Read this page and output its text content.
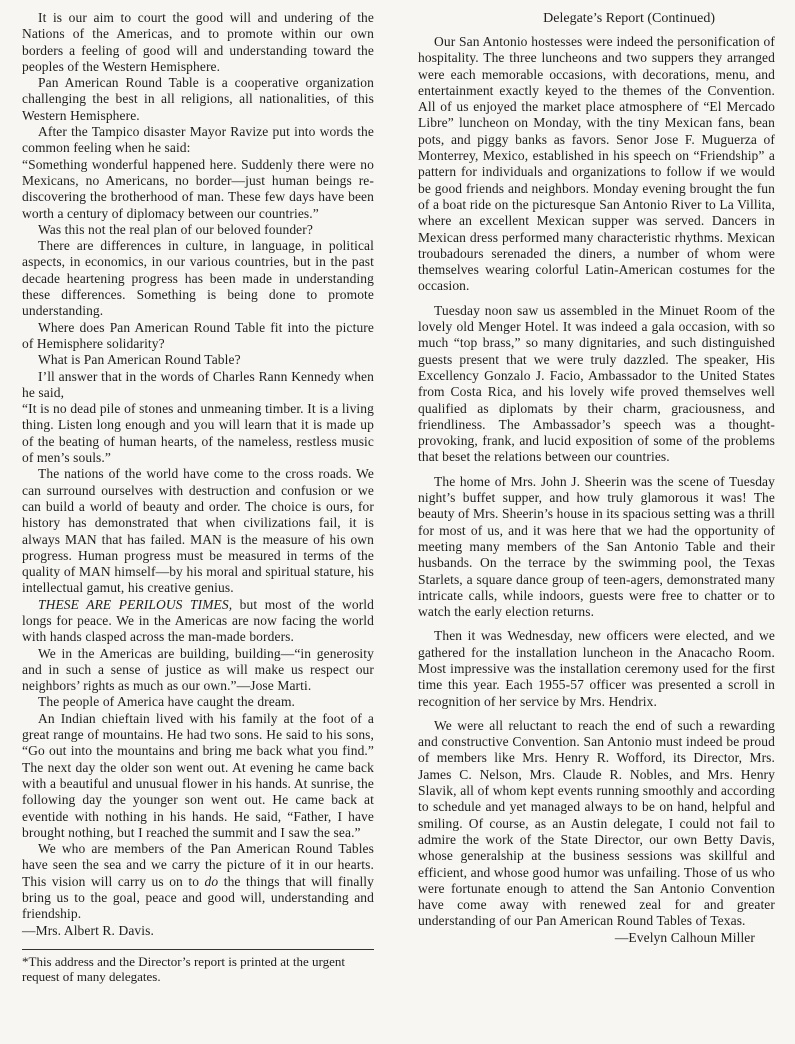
It is our aim to court the good will and undering of the Nations of the Americas, and to promote within our own borders a feeling of good will and understanding toward the peoples of the Western Hemisphere.

Pan American Round Table is a cooperative organization challenging the best in all religions, all nationalities, of this Western Hemisphere.

After the Tampico disaster Mayor Ravize put into words the common feeling when he said:

“Something wonderful happened here. Suddenly there were no Mexicans, no Americans, no border—just human beings re-discovering the brotherhood of man. These few days have been worth a century of diplomacy between our countries.”

Was this not the real plan of our beloved founder?

There are differences in culture, in language, in political aspects, in economics, in our various countries, but in the past decade heartening progress has been made in understanding these differences. Something is being done to promote understanding.

Where does Pan American Round Table fit into the picture of Hemisphere solidarity?

What is Pan American Round Table?

I’ll answer that in the words of Charles Rann Kennedy when he said,

“It is no dead pile of stones and unmeaning timber. It is a living thing. Listen long enough and you will learn that it is made up of the beating of human hearts, of the nameless, restless music of men’s souls.”

The nations of the world have come to the cross roads. We can surround ourselves with destruction and confusion or we can build a world of beauty and order. The choice is ours, for history has demonstrated that when civilizations fail, it is always MAN that has failed. MAN is the measure of his own progress. Human progress must be measured in terms of the quality of MAN himself—by his moral and spiritual stature, his intellectual gamut, his creative genius.

THESE ARE PERILOUS TIMES, but most of the world longs for peace. We in the Americas are now facing the world with hands clasped across the man-made borders.

We in the Americas are building, building—“in generosity and in such a sense of justice as will make us respect our neighbors’ rights as much as our own.”—Jose Marti.

The people of America have caught the dream.

An Indian chieftain lived with his family at the foot of a great range of mountains. He had two sons. He said to his sons, “Go out into the mountains and bring me back what you find.” The next day the older son went out. At evening he came back with a beautiful and unusual flower in his hands. At sunrise, the following day the younger son went out. He came back at eventide with nothing in his hands. He said, “Father, I have brought nothing, but I reached the summit and I saw the sea.”

We who are members of the Pan American Round Tables have seen the sea and we carry the picture of it in our hearts. This vision will carry us on to do the things that will finally bring us to the goal, peace and good will, understanding and friendship.

—Mrs. Albert R. Davis.

*This address and the Director’s report is printed at the urgent request of many delegates.

Delegate’s Report (Continued)

Our San Antonio hostesses were indeed the personification of hospitality. The three luncheons and two suppers they arranged were each memorable occasions, with decorations, menu, and entertainment exactly keyed to the themes of the Convention. All of us enjoyed the market place atmosphere of “El Mercado Libre” luncheon on Monday, with the tiny Mexican fans, bean pots, and piggy banks as favors. Senor Jose F. Muguerza of Monterrey, Mexico, established in his speech on “Friendship” a pattern for individuals and organizations to follow if we would be good friends and neighbors. Monday evening brought the fun of a boat ride on the picturesque San Antonio River to La Villita, where an excellent Mexican supper was served. Dancers in Mexican dress performed many characteristic rhythms. Mexican troubadours serenaded the diners, a number of whom were themselves wearing colorful Latin-American costumes for the occasion.

Tuesday noon saw us assembled in the Minuet Room of the lovely old Menger Hotel. It was indeed a gala occasion, with so much “top brass,” so many dignitaries, and such distinguished guests present that we were truly dazzled. The speaker, His Excellency Gonzalo J. Facio, Ambassador to the United States from Costa Rica, and his lovely wife proved themselves well qualified as diplomats by their charm, graciousness, and friendliness. The Ambassador’s speech was a thought-provoking, frank, and lucid exposition of some of the problems that beset the relations between our countries.

The home of Mrs. John J. Sheerin was the scene of Tuesday night’s buffet supper, and how truly glamorous it was! The beauty of Mrs. Sheerin’s house in its spacious setting was a thrill for most of us, and it was here that we had the opportunity of meeting many members of the San Antonio Table and their husbands. On the terrace by the swimming pool, the Texas Starlets, a square dance group of teen-agers, demonstrated many intricate calls, while indoors, guests were free to chatter or to watch the early election returns.

Then it was Wednesday, new officers were elected, and we gathered for the installation luncheon in the Anacacho Room. Most impressive was the installation ceremony used for the first time this year. Each 1955-57 officer was presented a scroll in recognition of her service by Mrs. Hendrix.

We were all reluctant to reach the end of such a rewarding and constructive Convention. San Antonio must indeed be proud of members like Mrs. Henry R. Wofford, its Director, Mrs. James C. Nelson, Mrs. Claude R. Nobles, and Mrs. Henry Slavik, all of whom kept events running smoothly and according to schedule and yet managed always to be on hand, helpful and smiling. Of course, as an Austin delegate, I could not fail to admire the work of the State Director, our own Betty Davis, whose generalship at the business sessions was skillful and efficient, and whose good humor was unfailing. Those of us who were fortunate enough to attend the San Antonio Convention have come away with renewed zeal for and greater understanding of our Pan American Round Tables of Texas.

—Evelyn Calhoun Miller
